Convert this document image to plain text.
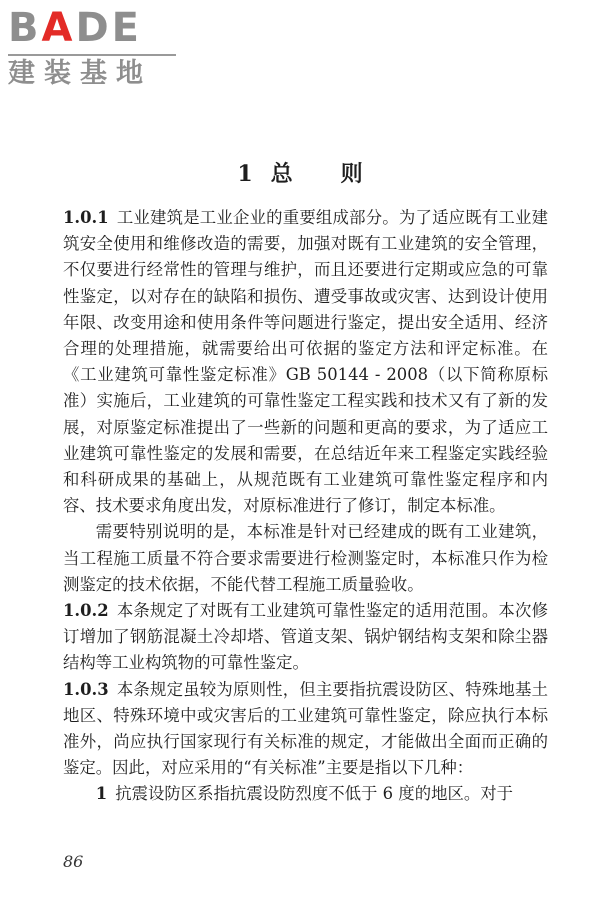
BADE
建装基地
1 总 则

1.0.1 工业建筑是工业企业的重要组成部分。为了适应既有工业建筑安全使用和维修改造的需要，加强对既有工业建筑的安全管理，不仅要进行经常性的管理与维护，而且还要进行定期或应急的可靠性鉴定，以对存在的缺陷和损伤、遭受事故或灾害、达到设计使用年限、改变用途和使用条件等问题进行鉴定，提出安全适用、经济合理的处理措施，就需要给出可依据的鉴定方法和评定标准。在《工业建筑可靠性鉴定标准》GB 50144 - 2008（以下简称原标准）实施后，工业建筑的可靠性鉴定工程实践和技术又有了新的发展，对原鉴定标准提出了一些新的问题和更高的要求，为了适应工业建筑可靠性鉴定的发展和需要，在总结近年来工程鉴定实践经验和科研成果的基础上，从规范既有工业建筑可靠性鉴定程序和内容、技术要求角度出发，对原标准进行了修订，制定本标准。

需要特别说明的是，本标准是针对已经建成的既有工业建筑，当工程施工质量不符合要求需要进行检测鉴定时，本标准只作为检测鉴定的技术依据，不能代替工程施工质量验收。

1.0.2 本条规定了对既有工业建筑可靠性鉴定的适用范围。本次修订增加了钢筋混凝土冷却塔、管道支架、锅炉钢结构支架和除尘器结构等工业构筑物的可靠性鉴定。

1.0.3 本条规定虽较为原则性，但主要指抗震设防区、特殊地基土地区、特殊环境中或灾害后的工业建筑可靠性鉴定，除应执行本标准外，尚应执行国家现行有关标准的规定，才能做出全面而正确的鉴定。因此，对应采用的“有关标准”主要是指以下几种：

1 抗震设防区系指抗震设防烈度不低于 6 度的地区。对于

86
